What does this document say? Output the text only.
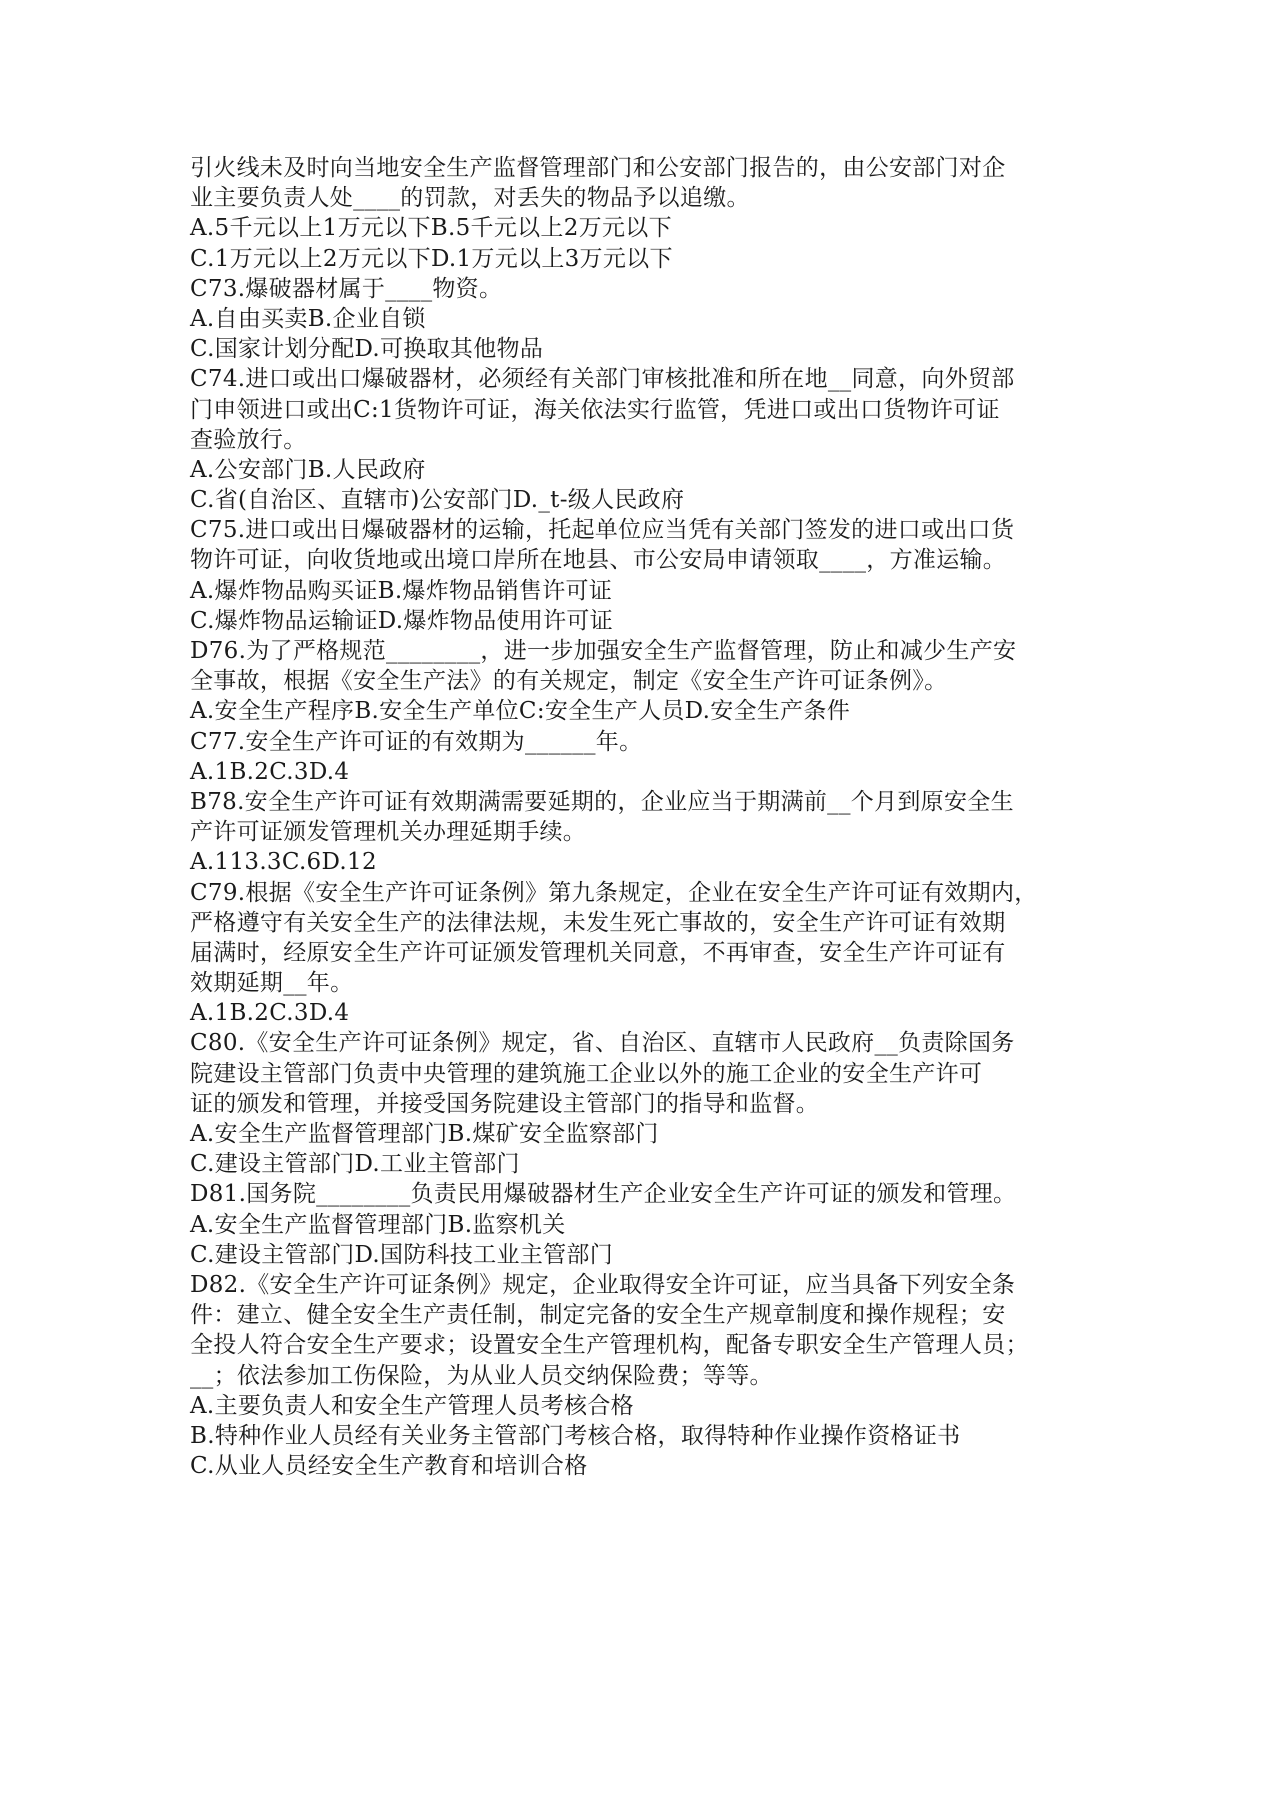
引火线未及时向当地安全生产监督管理部门和公安部门报告的，由公安部门对企
业主要负责人处____的罚款，对丢失的物品予以追缴。
A.5千元以上1万元以下B.5千元以上2万元以下
C.1万元以上2万元以下D.1万元以上3万元以下
C73.爆破器材属于____物资。
A.自由买卖B.企业自锁
C.国家计划分配D.可换取其他物品
C74.进口或出口爆破器材，必须经有关部门审核批准和所在地__同意，向外贸部
门申领进口或出C:1货物许可证，海关依法实行监管，凭进口或出口货物许可证
查验放行。
A.公安部门B.人民政府
C.省(自治区、直辖市)公安部门D._t-级人民政府
C75.进口或出日爆破器材的运输，托起单位应当凭有关部门签发的进口或出口货
物许可证，向收货地或出境口岸所在地县、市公安局申请领取____，方准运输。
A.爆炸物品购买证B.爆炸物品销售许可证
C.爆炸物品运输证D.爆炸物品使用许可证
D76.为了严格规范________，进一步加强安全生产监督管理，防止和减少生产安
全事故，根据《安全生产法》的有关规定，制定《安全生产许可证条例》。
A.安全生产程序B.安全生产单位C:安全生产人员D.安全生产条件
C77.安全生产许可证的有效期为______年。
A.1B.2C.3D.4
B78.安全生产许可证有效期满需要延期的，企业应当于期满前__个月到原安全生
产许可证颁发管理机关办理延期手续。
A.113.3C.6D.12
C79.根据《安全生产许可证条例》第九条规定，企业在安全生产许可证有效期内，
严格遵守有关安全生产的法律法规，未发生死亡事故的，安全生产许可证有效期
届满时，经原安全生产许可证颁发管理机关同意，不再审查，安全生产许可证有
效期延期__年。
A.1B.2C.3D.4
C80.《安全生产许可证条例》规定，省、自治区、直辖市人民政府__负责除国务
院建设主管部门负责中央管理的建筑施工企业以外的施工企业的安全生产许可
证的颁发和管理，并接受国务院建设主管部门的指导和监督。
A.安全生产监督管理部门B.煤矿安全监察部门
C.建设主管部门D.工业主管部门
D81.国务院________负责民用爆破器材生产企业安全生产许可证的颁发和管理。
A.安全生产监督管理部门B.监察机关
C.建设主管部门D.国防科技工业主管部门
D82.《安全生产许可证条例》规定，企业取得安全许可证，应当具备下列安全条
件：建立、健全安全生产责任制，制定完备的安全生产规章制度和操作规程；安
全投人符合安全生产要求；设置安全生产管理机构，配备专职安全生产管理人员；
__；依法参加工伤保险，为从业人员交纳保险费；等等。
A.主要负责人和安全生产管理人员考核合格
B.特种作业人员经有关业务主管部门考核合格，取得特种作业操作资格证书
C.从业人员经安全生产教育和培训合格
